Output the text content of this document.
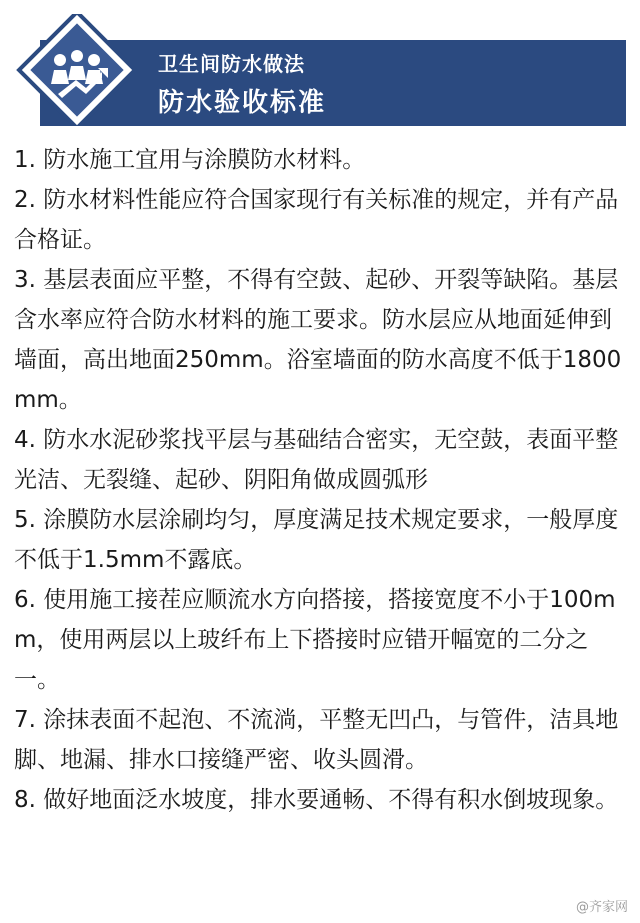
卫生间防水做法
防水验收标准

1. 防水施工宜用与涂膜防水材料。

2. 防水材料性能应符合国家现行有关标准的规定，并有产品合格证。

3. 基层表面应平整，不得有空鼓、起砂、开裂等缺陷。基层含水率应符合防水材料的施工要求。防水层应从地面延伸到墙面，高出地面250mm。浴室墙面的防水高度不低于1800mm。

4. 防水水泥砂浆找平层与基础结合密实，无空鼓，表面平整光洁、无裂缝、起砂、阴阳角做成圆弧形

5. 涂膜防水层涂刷均匀，厚度满足技术规定要求，一般厚度不低于1.5mm不露底。

6. 使用施工接茬应顺流水方向搭接，搭接宽度不小于100mm，使用两层以上玻纤布上下搭接时应错开幅宽的二分之一。

7. 涂抹表面不起泡、不流淌，平整无凹凸，与管件，洁具地脚、地漏、排水口接缝严密、收头圆滑。

8. 做好地面泛水坡度，排水要通畅、不得有积水倒坡现象。

@齐家网
